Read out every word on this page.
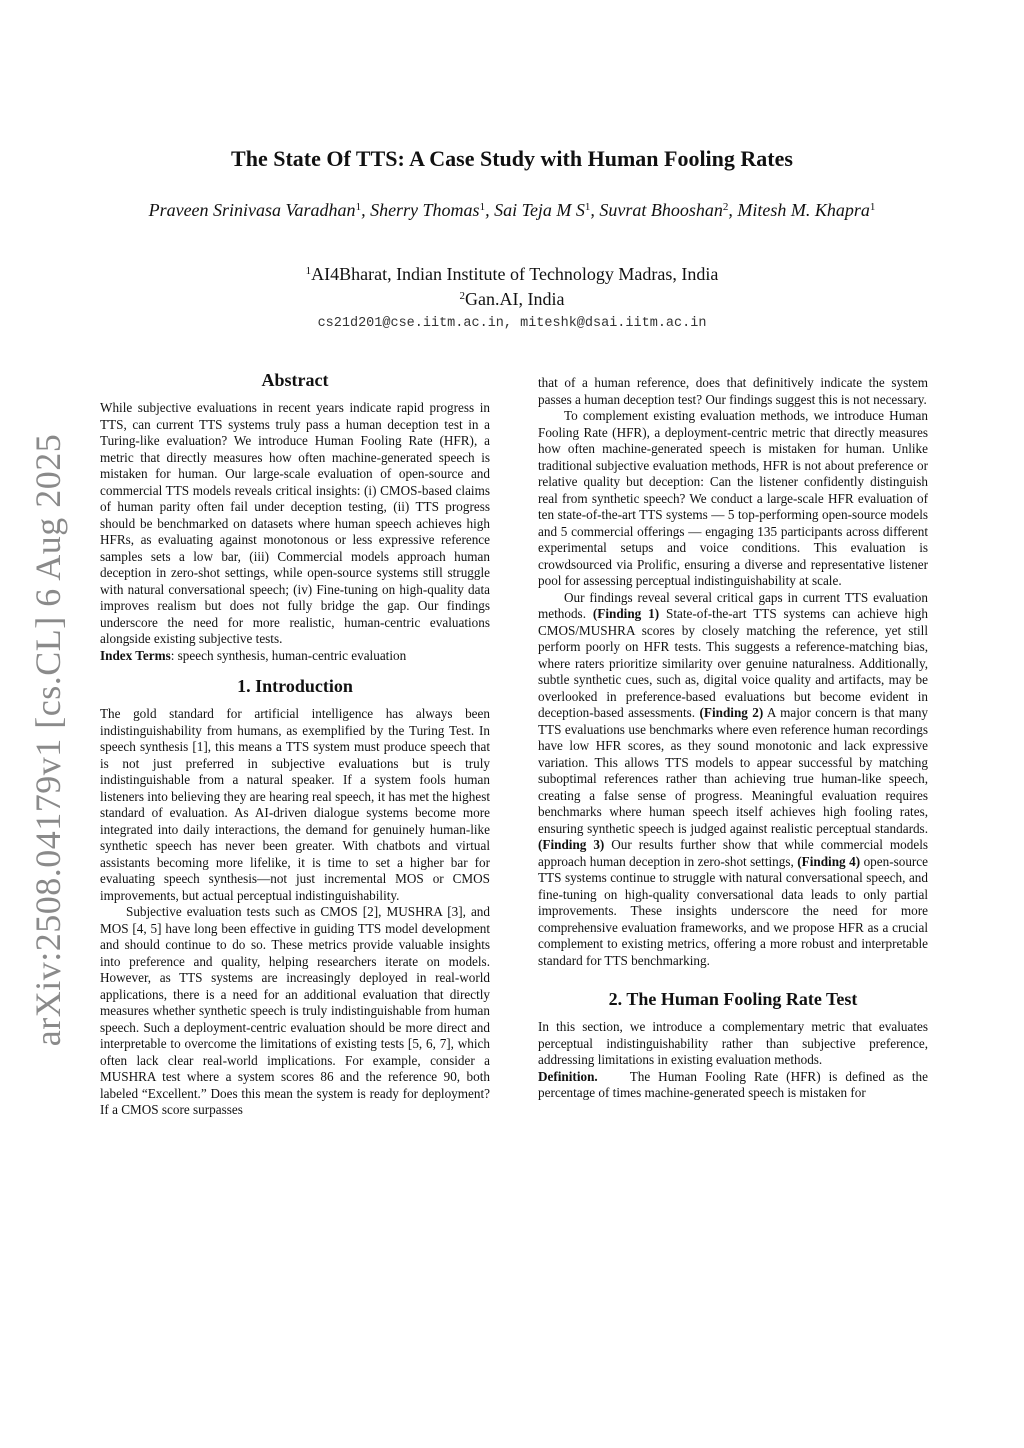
arXiv:2508.04179v1 [cs.CL] 6 Aug 2025
The State Of TTS: A Case Study with Human Fooling Rates
Praveen Srinivasa Varadhan$^1$, Sherry Thomas$^1$, Sai Teja M $S^1$, Suvrat Bhooshan$^2$, Mitesh M. Khapra$^1$
$^1$AI4Bharat, Indian Institute of Technology Madras, India
$^2$Gan.AI, India
cs21d201@cse.iitm.ac.in, miteshk@dsai.iitm.ac.in
Abstract

While subjective evaluations in recent years indicate rapid progress in TTS, can current TTS systems truly pass a human deception test in a Turing-like evaluation? We introduce Human Fooling Rate (HFR), a metric that directly measures how often machine-generated speech is mistaken for human. Our large-scale evaluation of open-source and commercial TTS models reveals critical insights: (i) CMOS-based claims of human parity often fail under deception testing, (ii) TTS progress should be benchmarked on datasets where human speech achieves high HFRs, as evaluating against monotonous or less expressive reference samples sets a low bar, (iii) Commercial models approach human deception in zero-shot settings, while open-source systems still struggle with natural conversational speech; (iv) Fine-tuning on high-quality data improves realism but does not fully bridge the gap. Our findings underscore the need for more realistic, human-centric evaluations alongside existing subjective tests.

Index Terms: speech synthesis, human-centric evaluation

1. Introduction

The gold standard for artificial intelligence has always been indistinguishability from humans, as exemplified by the Turing Test. In speech synthesis [1], this means a TTS system must produce speech that is not just preferred in subjective evaluations but is truly indistinguishable from a natural speaker. If a system fools human listeners into believing they are hearing real speech, it has met the highest standard of evaluation. As AI-driven dialogue systems become more integrated into daily interactions, the demand for genuinely human-like synthetic speech has never been greater. With chatbots and virtual assistants becoming more lifelike, it is time to set a higher bar for evaluating speech synthesis—not just incremental MOS or CMOS improvements, but actual perceptual indistinguishability.

Subjective evaluation tests such as CMOS [2], MUSHRA [3], and MOS [4, 5] have long been effective in guiding TTS model development and should continue to do so. These metrics provide valuable insights into preference and quality, helping researchers iterate on models. However, as TTS systems are increasingly deployed in real-world applications, there is a need for an additional evaluation that directly measures whether synthetic speech is truly indistinguishable from human speech. Such a deployment-centric evaluation should be more direct and interpretable to overcome the limitations of existing tests [5, 6, 7], which often lack clear real-world implications. For example, consider a MUSHRA test where a system scores 86 and the reference 90, both labeled “Excellent.” Does this mean the system is ready for deployment? If a CMOS score surpasses

that of a human reference, does that definitively indicate the system passes a human deception test? Our findings suggest this is not necessary.

To complement existing evaluation methods, we introduce Human Fooling Rate (HFR), a deployment-centric metric that directly measures how often machine-generated speech is mistaken for human. Unlike traditional subjective evaluation methods, HFR is not about preference or relative quality but deception: Can the listener confidently distinguish real from synthetic speech? We conduct a large-scale HFR evaluation of ten state-of-the-art TTS systems — 5 top-performing open-source models and 5 commercial offerings — engaging 135 participants across different experimental setups and voice conditions. This evaluation is crowdsourced via Prolific, ensuring a diverse and representative listener pool for assessing perceptual indistinguishability at scale.

Our findings reveal several critical gaps in current TTS evaluation methods. (Finding 1) State-of-the-art TTS systems can achieve high CMOS/MUSHRA scores by closely matching the reference, yet still perform poorly on HFR tests. This suggests a reference-matching bias, where raters prioritize similarity over genuine naturalness. Additionally, subtle synthetic cues, such as, digital voice quality and artifacts, may be overlooked in preference-based evaluations but become evident in deception-based assessments. (Finding 2) A major concern is that many TTS evaluations use benchmarks where even reference human recordings have low HFR scores, as they sound monotonic and lack expressive variation. This allows TTS models to appear successful by matching suboptimal references rather than achieving true human-like speech, creating a false sense of progress. Meaningful evaluation requires benchmarks where human speech itself achieves high fooling rates, ensuring synthetic speech is judged against realistic perceptual standards. (Finding 3) Our results further show that while commercial models approach human deception in zero-shot settings, (Finding 4) open-source TTS systems continue to struggle with natural conversational speech, and fine-tuning on high-quality conversational data leads to only partial improvements. These insights underscore the need for more comprehensive evaluation frameworks, and we propose HFR as a crucial complement to existing metrics, offering a more robust and interpretable standard for TTS benchmarking.

2. The Human Fooling Rate Test

In this section, we introduce a complementary metric that evaluates perceptual indistinguishability rather than subjective preference, addressing limitations in existing evaluation methods.

Definition. The Human Fooling Rate (HFR) is defined as the percentage of times machine-generated speech is mistaken for
